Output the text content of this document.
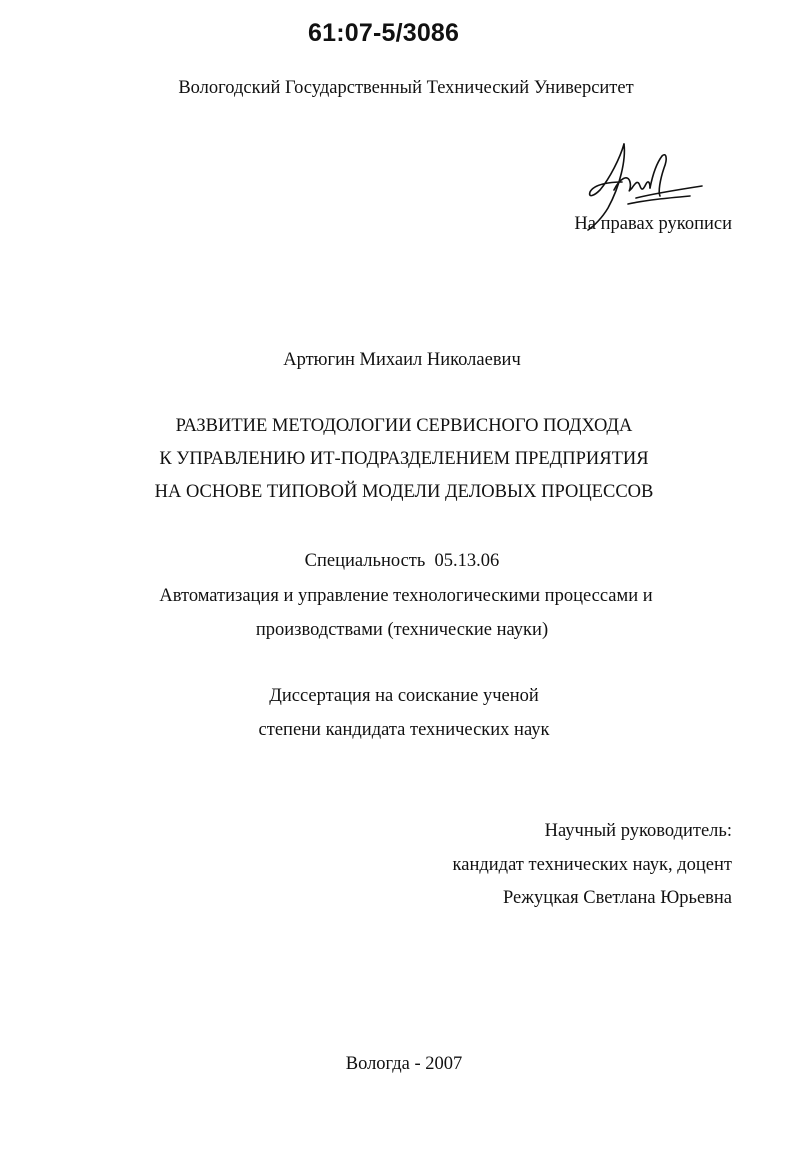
61:07-5/3086
Вологодский Государственный Технический Университет
На правах рукописи
Артюгин Михаил Николаевич
РАЗВИТИЕ МЕТОДОЛОГИИ СЕРВИСНОГО ПОДХОДА
К УПРАВЛЕНИЮ ИТ-ПОДРАЗДЕЛЕНИЕМ ПРЕДПРИЯТИЯ
НА ОСНОВЕ ТИПОВОЙ МОДЕЛИ ДЕЛОВЫХ ПРОЦЕССОВ
Специальность  05.13.06
Автоматизация и управление технологическими процессами и
производствами (технические науки)
Диссертация на соискание ученой
степени кандидата технических наук
Научный руководитель:
кандидат технических наук, доцент
Режуцкая Светлана Юрьевна
Вологда - 2007
